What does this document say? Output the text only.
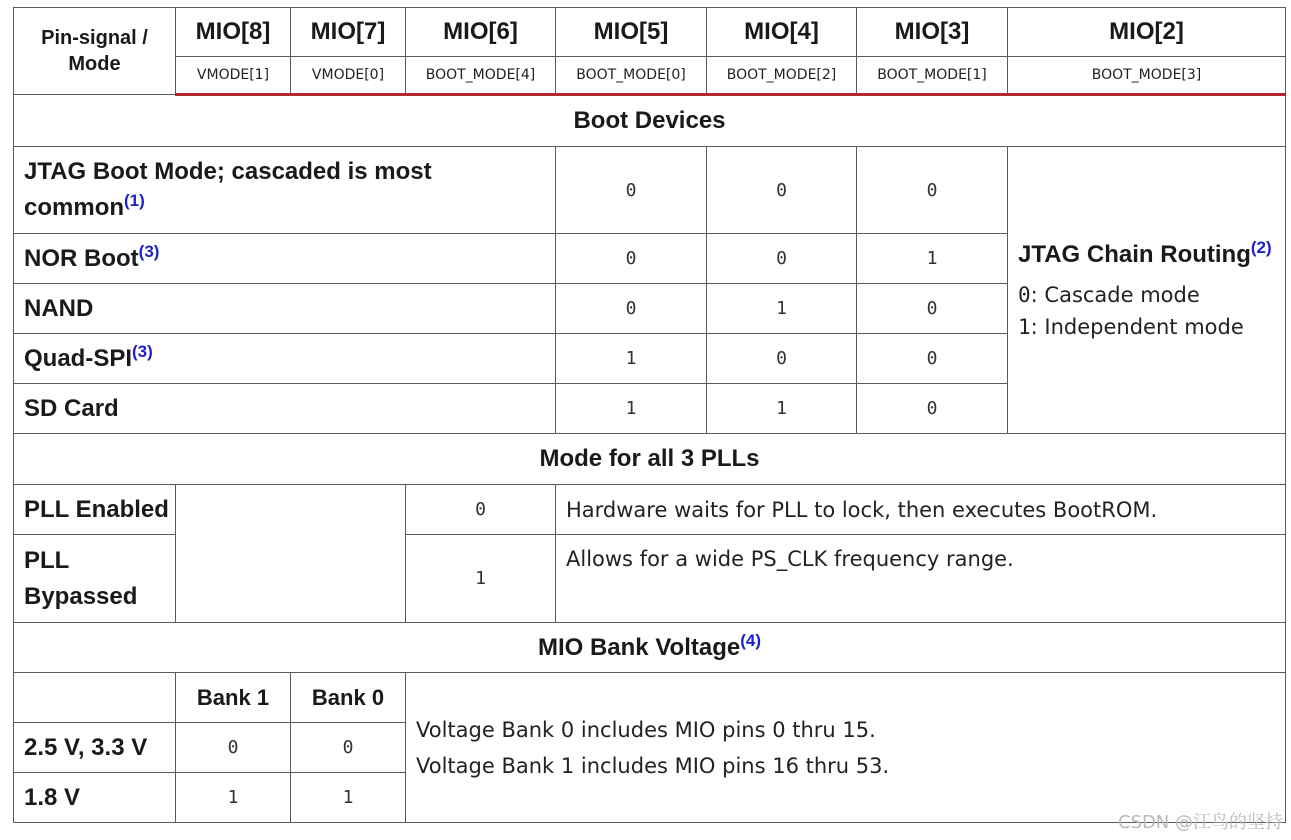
Pin-signal / Mode	MIO[8]	MIO[7]	MIO[6]	MIO[5]	MIO[4]	MIO[3]	MIO[2]
	VMODE[1]	VMODE[0]	BOOT_MODE[4]	BOOT_MODE[0]	BOOT_MODE[2]	BOOT_MODE[1]	BOOT_MODE[3]
Boot Devices							
JTAG Boot Mode; cascaded is most common$^{(1)}$				0	0	0	JTAG Chain Routing$^{(2)}$
0: Cascade mode
1: Independent mode

NOR Boot$^{(3)}$				0	0	1	
NAND				0	1	0	
Quad-SPI$^{(3)}$				1	0	0	
SD Card				1	1	0	
Mode for all 3 PLLs							
PLL Enabled			0	Hardware waits for PLL to lock, then executes BootROM.			

PLL
Bypassed			1	Allows for a wide PS_CLK frequency range.			
MIO Bank Voltage$^{(4)}$
	Bank 1	Bank 0	Voltage Bank 0 includes MIO pins 0 thru 15.
Voltage Bank 1 includes MIO pins 16 thru 53.				

2.5 V, 3.3 V	0	0					
1.8 V	1	1					
CSDN @江鸟的坚持
